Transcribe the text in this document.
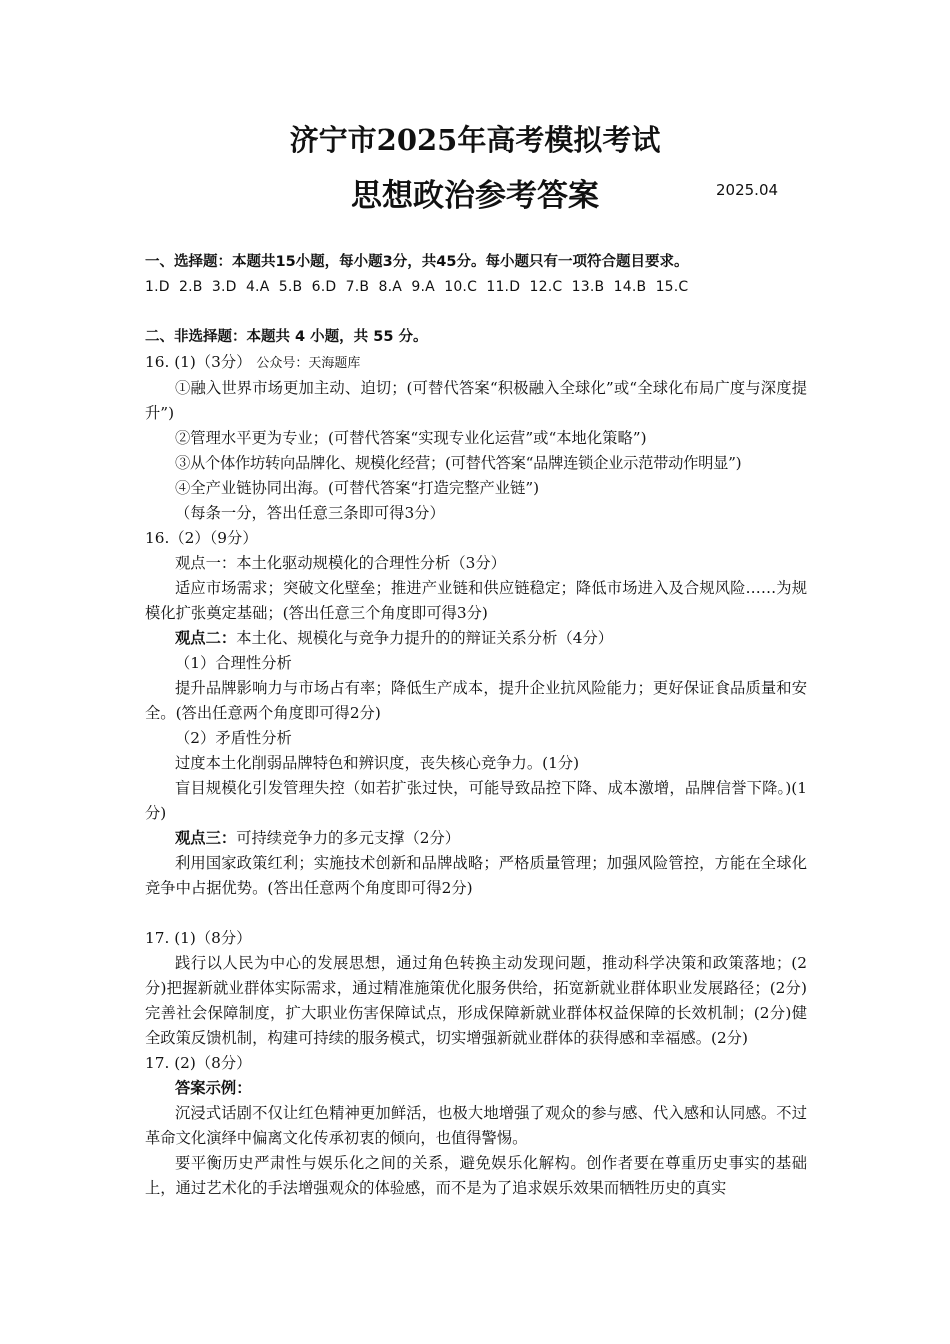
济宁市2025年高考模拟考试
思想政治参考答案	2025.04

一、选择题：本题共15小题，每小题3分，共45分。每小题只有一项符合题目要求。

1.D  2.B  3.D  4.A  5.B  6.D  7.B  8.A  9.A  10.C  11.D  12.C  13.B  14.B  15.C

二、非选择题：本题共 4 小题，共 55 分。

16. (1)（3分） 公众号：天海题库

①融入世界市场更加主动、迫切；(可替代答案“积极融入全球化”或“全球化布局广度与深度提升”)

②管理水平更为专业；(可替代答案“实现专业化运营”或“本地化策略”)

③从个体作坊转向品牌化、规模化经营；(可替代答案“品牌连锁企业示范带动作明显”)

④全产业链协同出海。(可替代答案“打造完整产业链”)

（每条一分，答出任意三条即可得3分）

16.（2）（9分）

观点一：本土化驱动规模化的合理性分析（3分）

适应市场需求；突破文化壁垒；推进产业链和供应链稳定；降低市场进入及合规风险……为规模化扩张奠定基础；(答出任意三个角度即可得3分)

观点二：本土化、规模化与竞争力提升的的辩证关系分析（4分）

（1）合理性分析

提升品牌影响力与市场占有率；降低生产成本，提升企业抗风险能力；更好保证食品质量和安全。(答出任意两个角度即可得2分)

（2）矛盾性分析

过度本土化削弱品牌特色和辨识度，丧失核心竞争力。(1分)

盲目规模化引发管理失控（如若扩张过快，可能导致品控下降、成本激增，品牌信誉下降。)(1分)

观点三：可持续竞争力的多元支撑（2分）

利用国家政策红利；实施技术创新和品牌战略；严格质量管理；加强风险管控，方能在全球化竞争中占据优势。(答出任意两个角度即可得2分)

17. (1)（8分）

践行以人民为中心的发展思想，通过角色转换主动发现问题，推动科学决策和政策落地；(2分)把握新就业群体实际需求，通过精准施策优化服务供给，拓宽新就业群体职业发展路径；(2分)完善社会保障制度，扩大职业伤害保障试点，形成保障新就业群体权益保障的长效机制；(2分)健全政策反馈机制，构建可持续的服务模式，切实增强新就业群体的获得感和幸福感。(2分)

17. (2)（8分）

答案示例：

沉浸式话剧不仅让红色精神更加鲜活，也极大地增强了观众的参与感、代入感和认同感。不过革命文化演绎中偏离文化传承初衷的倾向，也值得警惕。

要平衡历史严肃性与娱乐化之间的关系，避免娱乐化解构。创作者要在尊重历史事实的基础上，通过艺术化的手法增强观众的体验感，而不是为了追求娱乐效果而牺牲历史的真实
